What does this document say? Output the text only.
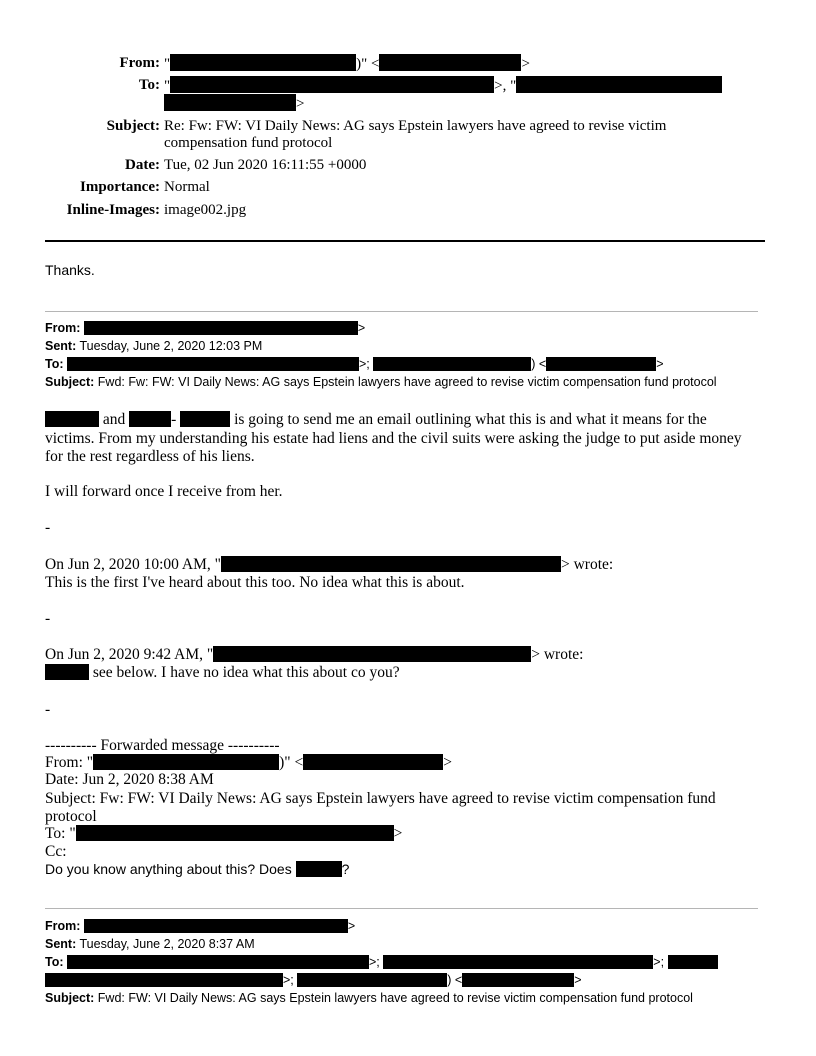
From: "	)" <	>
To: "	>, "
>
Subject: Re: Fw: FW: VI Daily News: AG says Epstein lawyers have agreed to revise victim
compensation fund protocol
Date: Tue, 02 Jun 2020 16:11:55 +0000
Importance: Normal
Inline-Images: image002.jpg
Thanks.
From:	>
Sent: Tuesday, June 2, 2020 12:03 PM
To:	>;	) <	>
Subject: Fwd: Fw: FW: VI Daily News: AG says Epstein lawyers have agreed to revise victim compensation fund protocol
and	-	is going to send me an email outlining what this is and what it means for the
victims. From my understanding his estate had liens and the civil suits were asking the judge to put aside money
for the rest regardless of his liens.
I will forward once I receive from her.
-
On Jun 2, 2020 10:00 AM, "	> wrote:
This is the first I've heard about this too. No idea what this is about.
-
On Jun 2, 2020 9:42 AM, "	> wrote:
see below. I have no idea what this about co you?
-
---------- Forwarded message ----------
From: "	)" <	>
Date: Jun 2, 2020 8:38 AM
Subject: Fw: FW: VI Daily News: AG says Epstein lawyers have agreed to revise victim compensation fund
protocol
To: "	>
Cc:
Do you know anything about this? Does	?
From:	>
Sent: Tuesday, June 2, 2020 8:37 AM
To:	>;	>;
>;	) <	>
Subject: Fwd: FW: VI Daily News: AG says Epstein lawyers have agreed to revise victim compensation fund protocol
